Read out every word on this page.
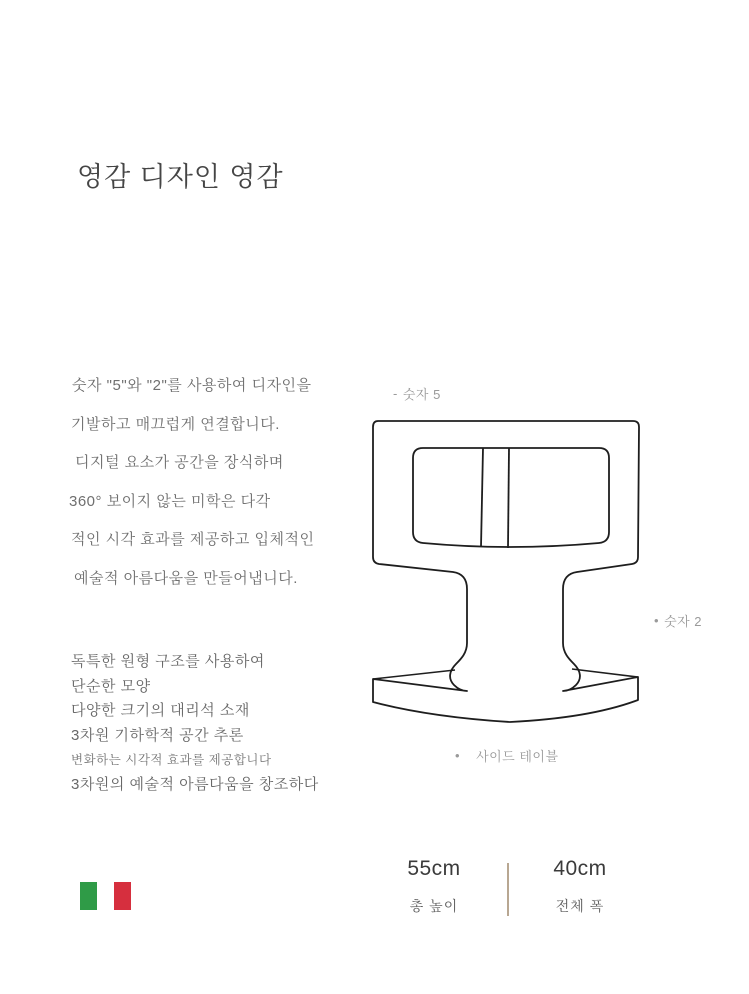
영감 디자인 영감
숫자 "5"와 "2"를 사용하여 디자인을
기발하고 매끄럽게 연결합니다.
디지털 요소가 공간을 장식하며
360° 보이지 않는 미학은 다각
적인 시각 효과를 제공하고 입체적인
예술적 아름다움을 만들어냅니다.
독특한 원형 구조를 사용하여
단순한 모양
다양한 크기의 대리석 소재
3차원 기하학적 공간 추론
변화하는 시각적 효과를 제공합니다
3차원의 예술적 아름다움을 창조하다
- 숫자 5
• 숫자 2
• 사이드 테이블
55cm
총 높이
40cm
전체 폭
